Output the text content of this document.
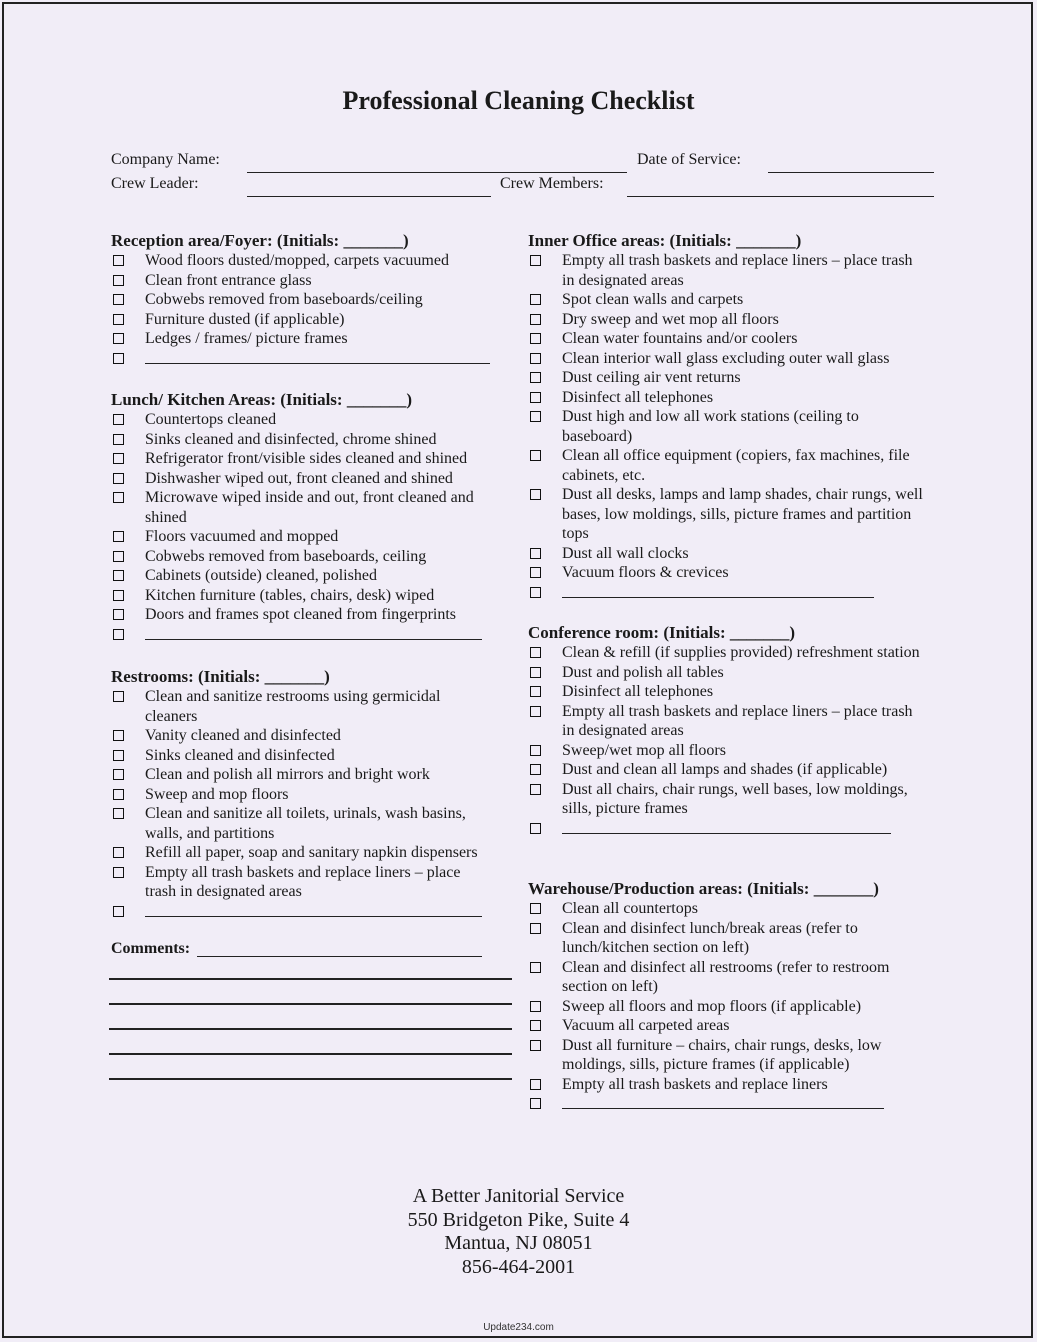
Professional Cleaning Checklist
Company Name:	Date of Service:
Crew Leader:	Crew Members:
Reception area/Foyer: (Initials: _______)
Wood floors dusted/mopped, carpets vacuumed
Clean front entrance glass
Cobwebs removed from baseboards/ceiling
Furniture dusted (if applicable)
Ledges / frames/ picture frames
Lunch/ Kitchen Areas: (Initials: _______)
Countertops cleaned
Sinks cleaned and disinfected, chrome shined
Refrigerator front/visible sides cleaned and shined
Dishwasher wiped out, front cleaned and shined
Microwave wiped inside and out, front cleaned and shined
Floors vacuumed and mopped
Cobwebs removed from baseboards, ceiling
Cabinets (outside) cleaned, polished
Kitchen furniture (tables, chairs, desk) wiped
Doors and frames spot cleaned from fingerprints
Restrooms: (Initials: _______)
Clean and sanitize restrooms using germicidal cleaners
Vanity cleaned and disinfected
Sinks cleaned and disinfected
Clean and polish all mirrors and bright work
Sweep and mop floors
Clean and sanitize all toilets, urinals, wash basins, walls, and partitions
Refill all paper, soap and sanitary napkin dispensers
Empty all trash baskets and replace liners – place trash in designated areas
Comments:
Inner Office areas: (Initials: _______)
Empty all trash baskets and replace liners – place trash in designated areas
Spot clean walls and carpets
Dry sweep and wet mop all floors
Clean water fountains and/or coolers
Clean interior wall glass excluding outer wall glass
Dust ceiling air vent returns
Disinfect all telephones
Dust high and low all work stations (ceiling to baseboard)
Clean all office equipment (copiers, fax machines, file cabinets, etc.
Dust all desks, lamps and lamp shades, chair rungs, well bases, low moldings, sills, picture frames and partition tops
Dust all wall clocks
Vacuum floors & crevices
Conference room: (Initials: _______)
Clean & refill (if supplies provided) refreshment station
Dust and polish all tables
Disinfect all telephones
Empty all trash baskets and replace liners – place trash in designated areas
Sweep/wet mop all floors
Dust and clean all lamps and shades (if applicable)
Dust all chairs, chair rungs, well bases, low moldings, sills, picture frames
Warehouse/Production areas: (Initials: _______)
Clean all countertops
Clean and disinfect lunch/break areas (refer to lunch/kitchen section on left)
Clean and disinfect all restrooms (refer to restroom section on left)
Sweep all floors and mop floors (if applicable)
Vacuum all carpeted areas
Dust all furniture – chairs, chair rungs, desks, low moldings, sills, picture frames (if applicable)
Empty all trash baskets and replace liners
A Better Janitorial Service
550 Bridgeton Pike, Suite 4
Mantua, NJ 08051
856-464-2001
Update234.com
